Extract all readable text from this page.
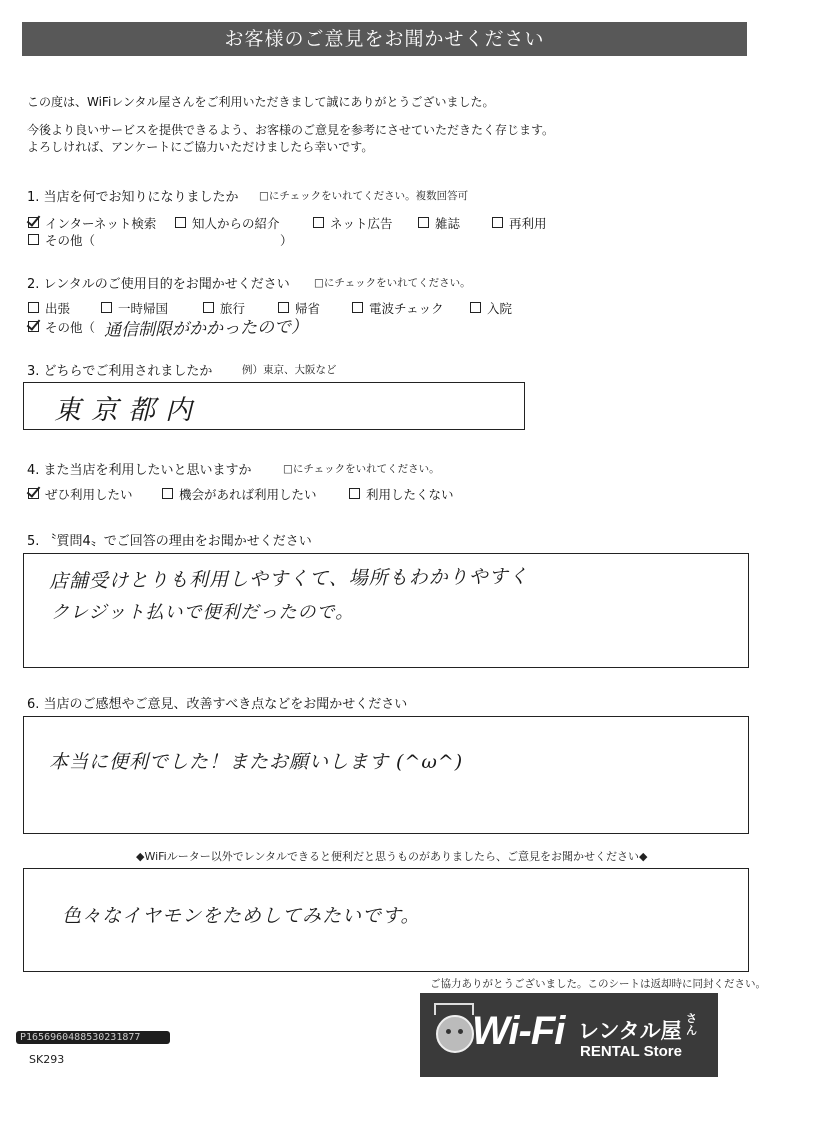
お客様のご意見をお聞かせください
この度は、WiFiレンタル屋さんをご利用いただきまして誠にありがとうございました。
今後より良いサービスを提供できるよう、お客様のご意見を参考にさせていただきたく存じます。
よろしければ、アンケートにご協力いただけましたら幸いです。
1. 当店を何でお知りになりましたか □にチェックをいれてください。複数回答可
インターネット検索	知人からの紹介	ネット広告	雑誌	再利用
その他（	）
2. レンタルのご使用目的をお聞かせください □にチェックをいれてください。
出張	一時帰国	旅行	帰省	電波チェック	入院
その他（ 通信制限がかかったので）
3. どちらでご利用されましたか	例）東京、大阪など
東京都内
4. また当店を利用したいと思いますか	□にチェックをいれてください。
ぜひ利用したい	機会があれば利用したい	利用したくない
5. 〝質問4〟でご回答の理由をお聞かせください
店舗受けとりも利用しやすくて、場所もわかりやすく
クレジット払いで便利だったので。
6. 当店のご感想やご意見、改善すべき点などをお聞かせください
本当に便利でした！またお願いします (^ω^)
◆WiFiルーター以外でレンタルできると便利だと思うものがありましたら、ご意見をお聞かせください◆
色々なイヤモンをためしてみたいです。
ご協力ありがとうございました。このシートは返却時に同封ください。
P1656960488530231877
SK293
Wi-Fi レンタル屋
さん
RENTAL Store
